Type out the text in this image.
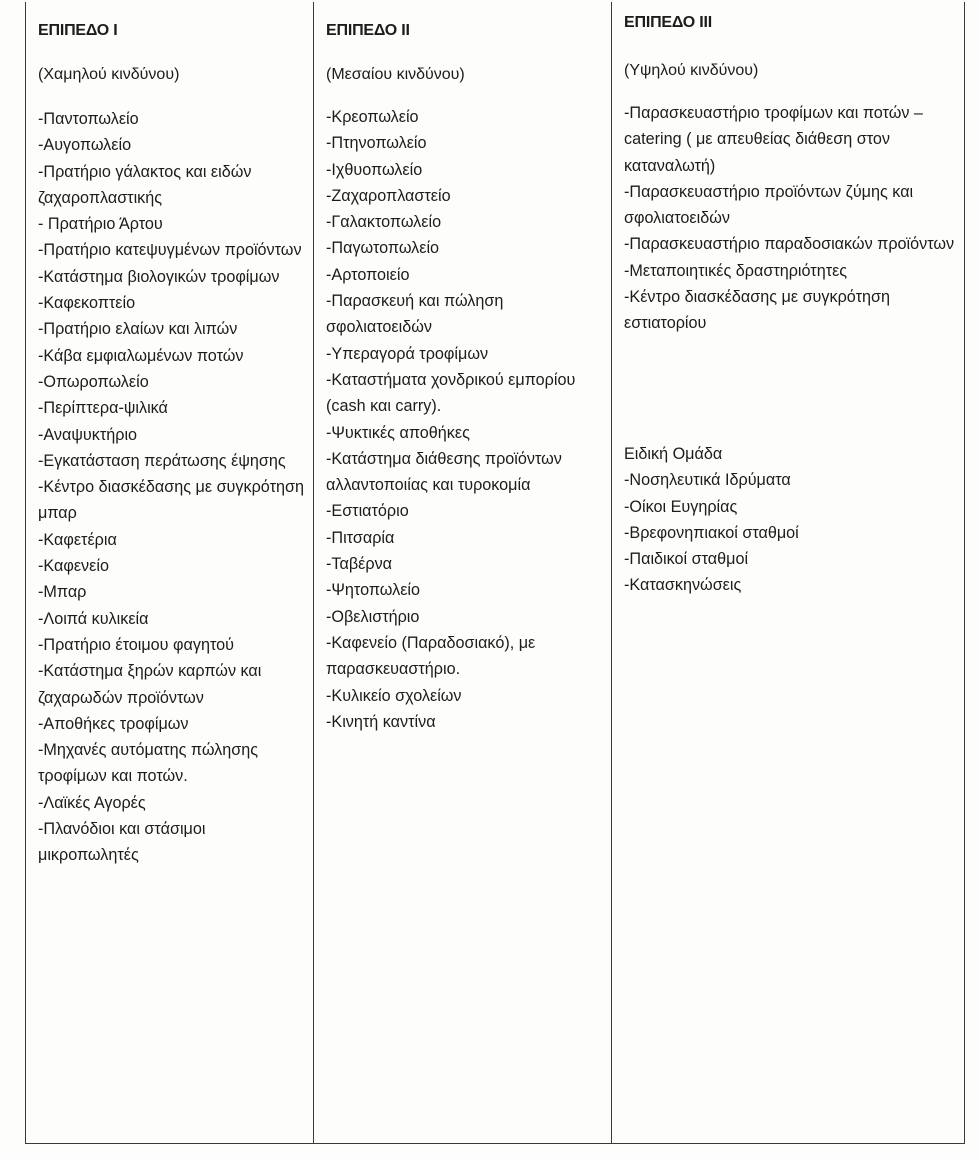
ΕΠΙΠΕΔΟ Ι
(Χαμηλού κινδύνου)
-Παντοπωλείο
-Αυγοπωλείο
-Πρατήριο γάλακτος και ειδών ζαχαροπλαστικής
- Πρατήριο Άρτου
-Πρατήριο κατεψυγμένων προϊόντων
-Κατάστημα βιολογικών τροφίμων
-Καφεκοπτείο
-Πρατήριο ελαίων και λιπών
-Κάβα εμφιαλωμένων ποτών
-Οπωροπωλείο
-Περίπτερα-ψιλικά
-Αναψυκτήριο
-Εγκατάσταση περάτωσης έψησης
-Κέντρο διασκέδασης με συγκρότηση μπαρ
-Καφετέρια
-Καφενείο
-Μπαρ
-Λοιπά κυλικεία
-Πρατήριο έτοιμου φαγητού
-Κατάστημα ξηρών καρπών και ζαχαρωδών προϊόντων
-Αποθήκες τροφίμων
-Μηχανές αυτόματης πώλησης τροφίμων και ποτών.
-Λαϊκές Αγορές
-Πλανόδιοι και στάσιμοι μικροπωλητές
ΕΠΙΠΕΔΟ ΙΙ
(Μεσαίου κινδύνου)
-Κρεοπωλείο
-Πτηνοπωλείο
-Ιχθυοπωλείο
-Ζαχαροπλαστείο
-Γαλακτοπωλείο
-Παγωτοπωλείο
-Αρτοποιείο
-Παρασκευή και πώληση σφολιατοειδών
-Υπεραγορά τροφίμων
-Καταστήματα χονδρικού εμπορίου (cash και carry).
-Ψυκτικές αποθήκες
-Κατάστημα διάθεσης προϊόντων αλλαντοποιίας και τυροκομία
-Εστιατόριο
-Πιτσαρία
-Ταβέρνα
-Ψητοπωλείο
-Οβελιστήριο
-Καφενείο (Παραδοσιακό), με παρασκευαστήριο.
-Κυλικείο σχολείων
-Κινητή καντίνα
ΕΠΙΠΕΔΟ ΙΙΙ
(Υψηλού κινδύνου)
-Παρασκευαστήριο τροφίμων και ποτών –catering ( με απευθείας διάθεση στον καταναλωτή)
-Παρασκευαστήριο προϊόντων ζύμης και σφολιατοειδών
-Παρασκευαστήριο παραδοσιακών προϊόντων
-Μεταποιητικές δραστηριότητες
-Κέντρο διασκέδασης με συγκρότηση εστιατορίου
Ειδική Ομάδα
-Νοσηλευτικά Ιδρύματα
-Οίκοι Ευγηρίας
-Βρεφονηπιακοί σταθμοί
-Παιδικοί σταθμοί
-Κατασκηνώσεις
